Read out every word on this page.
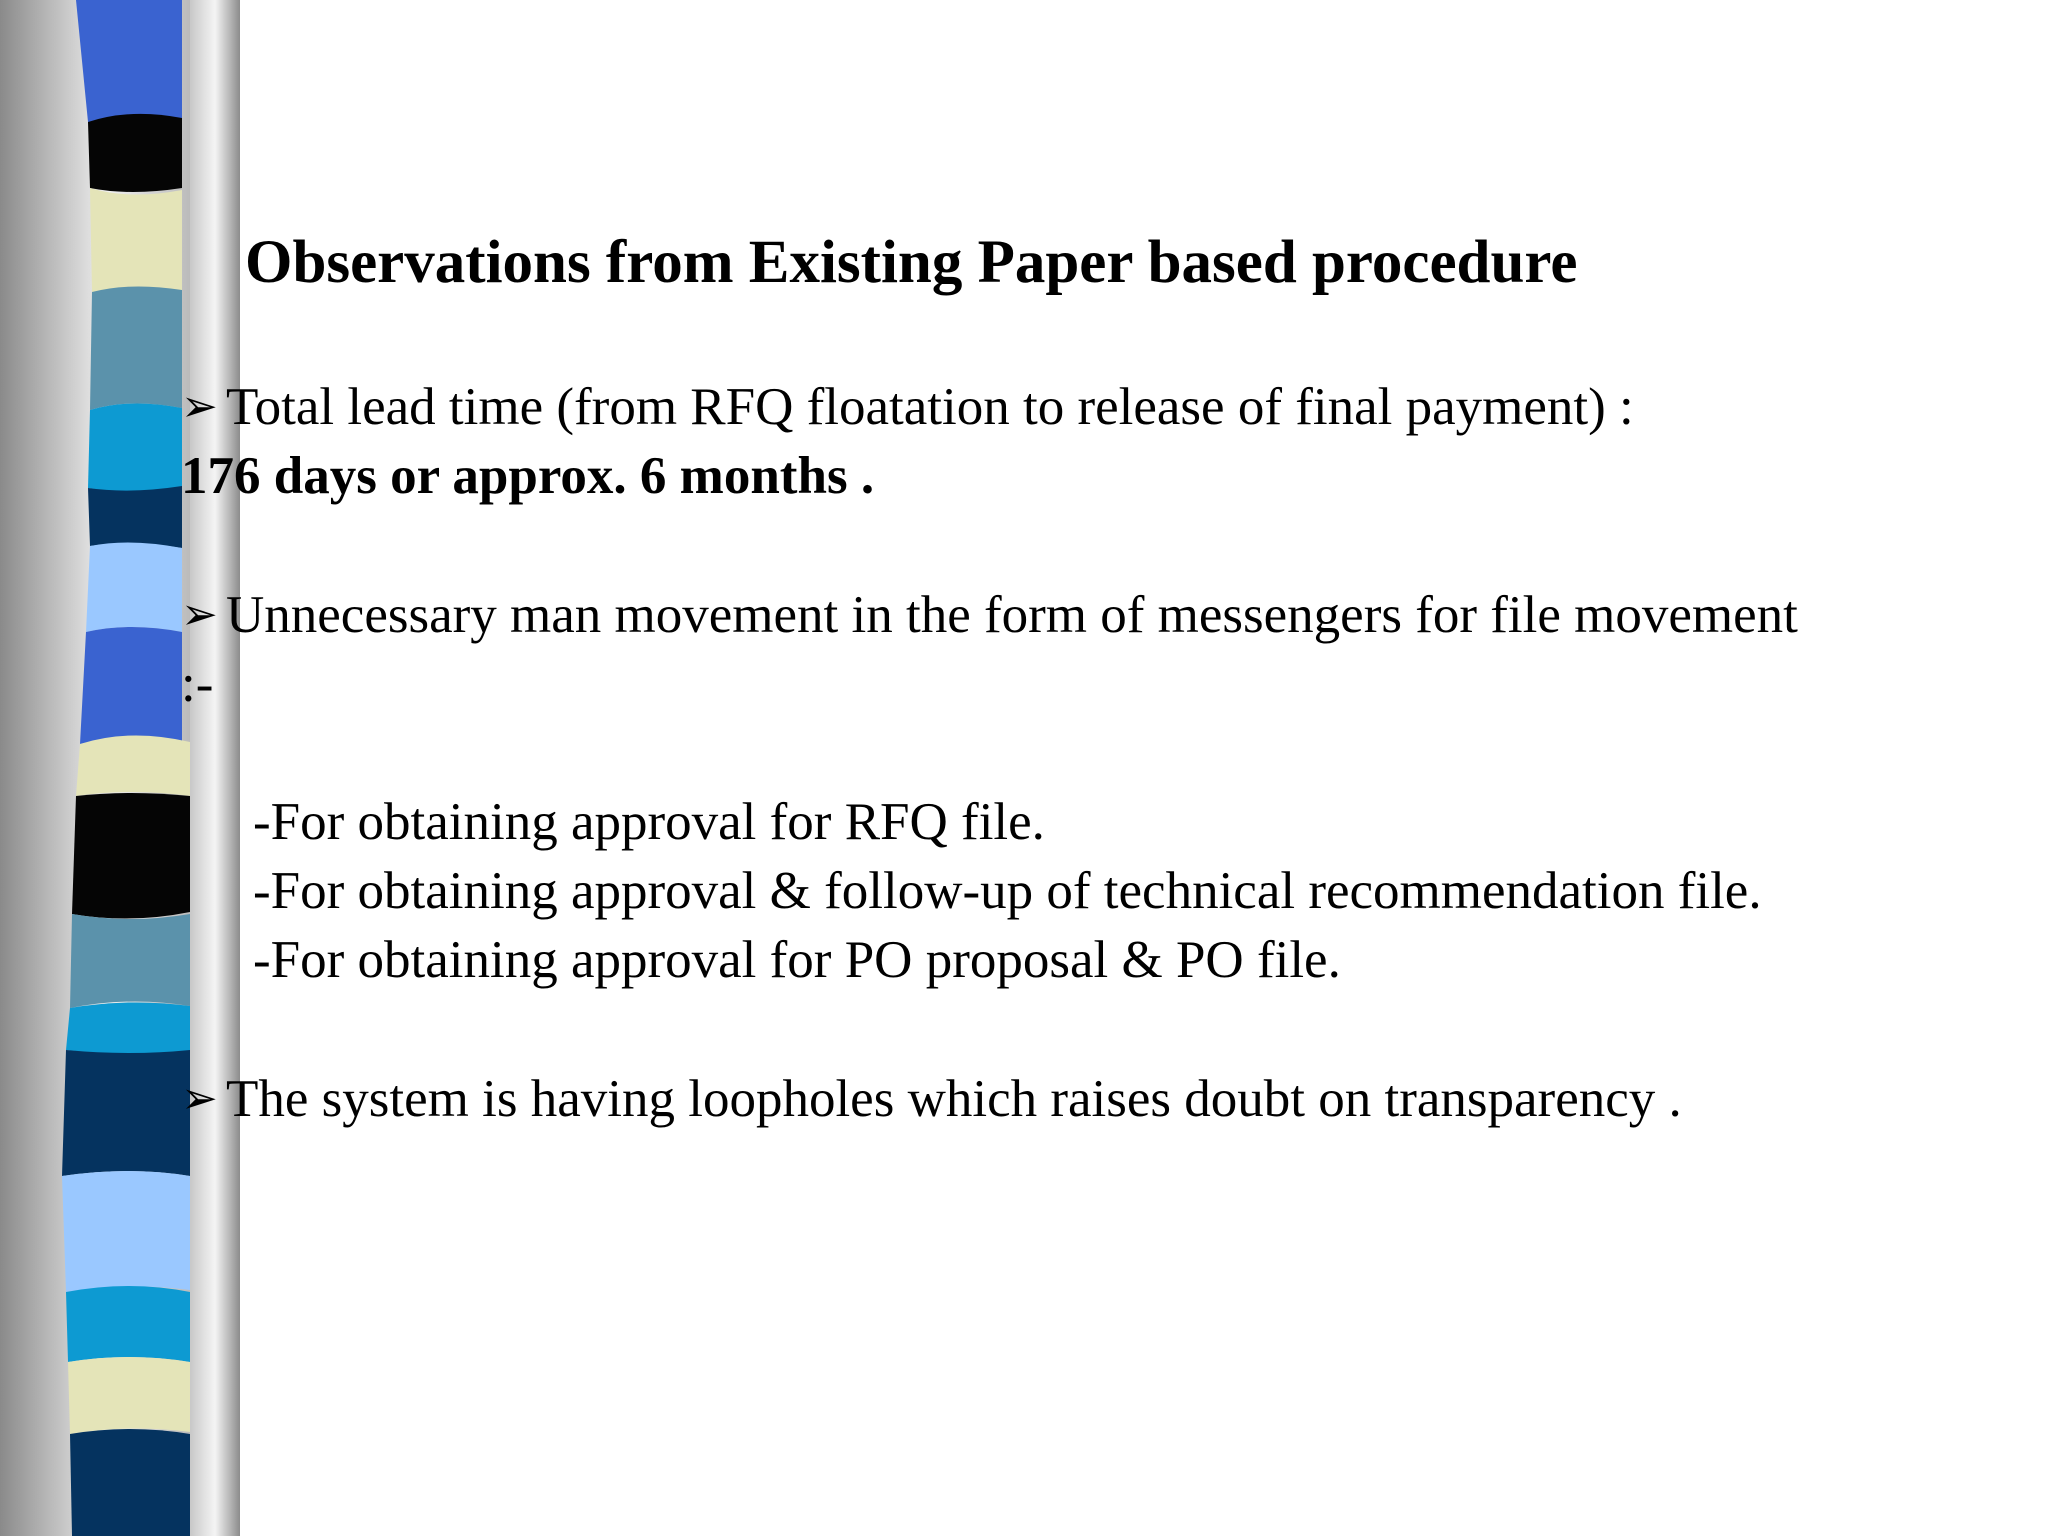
Observations from Existing Paper based procedure

➢ Total lead time (from RFQ floatation to release of final payment) :
176 days or approx. 6 months .

➢ Unnecessary man movement in the form of messengers for file movement :-

-For obtaining approval for RFQ file.

-For obtaining approval & follow-up of technical recommendation file.

-For obtaining approval for PO proposal & PO file.

➢ The system is having loopholes which raises doubt on transparency .
